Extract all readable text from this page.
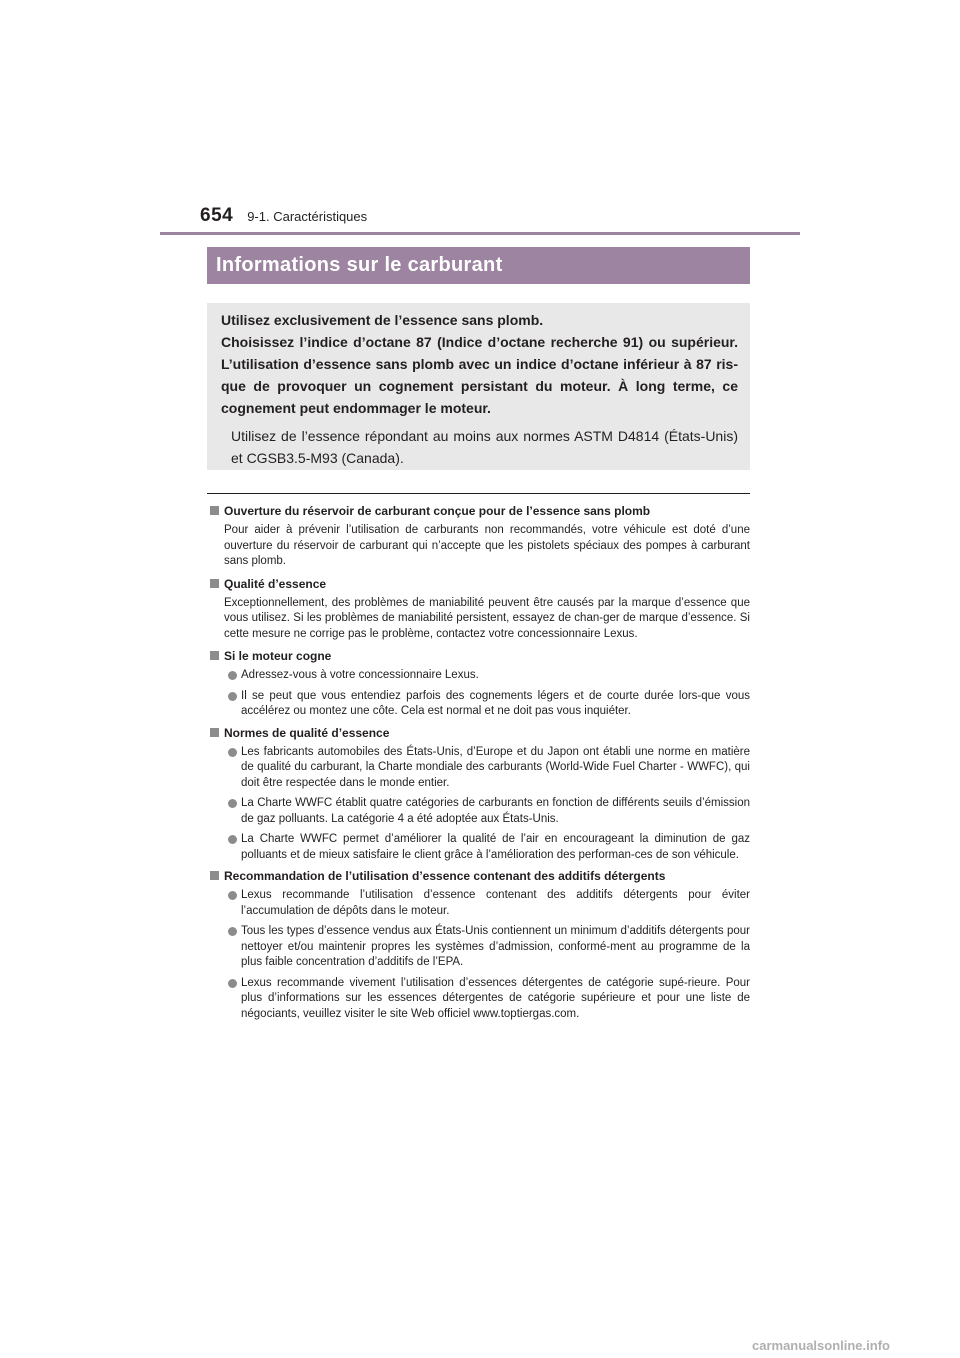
654 9-1. Caractéristiques
Informations sur le carburant

Utilisez exclusivement de l’essence sans plomb.

Choisissez l’indice d’octane 87 (Indice d’octane recherche 91) ou supérieur. L’utilisation d’essence sans plomb avec un indice d’octane inférieur à 87 ris-que de provoquer un cognement persistant du moteur. À long terme, ce cognement peut endommager le moteur.

Utilisez de l’essence répondant au moins aux normes ASTM D4814 (États-Unis) et CGSB3.5-M93 (Canada).

Ouverture du réservoir de carburant conçue pour de l’essence sans plomb

Pour aider à prévenir l’utilisation de carburants non recommandés, votre véhicule est doté d’une ouverture du réservoir de carburant qui n’accepte que les pistolets spéciaux des pompes à carburant sans plomb.

Qualité d’essence

Exceptionnellement, des problèmes de maniabilité peuvent être causés par la marque d’essence que vous utilisez. Si les problèmes de maniabilité persistent, essayez de chan-ger de marque d’essence. Si cette mesure ne corrige pas le problème, contactez votre concessionnaire Lexus.

Si le moteur cogne
Adressez-vous à votre concessionnaire Lexus.
Il se peut que vous entendiez parfois des cognements légers et de courte durée lors-que vous accélérez ou montez une côte. Cela est normal et ne doit pas vous inquiéter.
Normes de qualité d’essence
Les fabricants automobiles des États-Unis, d’Europe et du Japon ont établi une norme en matière de qualité du carburant, la Charte mondiale des carburants (World-Wide Fuel Charter - WWFC), qui doit être respectée dans le monde entier.
La Charte WWFC établit quatre catégories de carburants en fonction de différents seuils d’émission de gaz polluants. La catégorie 4 a été adoptée aux États-Unis.
La Charte WWFC permet d’améliorer la qualité de l’air en encourageant la diminution de gaz polluants et de mieux satisfaire le client grâce à l’amélioration des performan-ces de son véhicule.
Recommandation de l’utilisation d’essence contenant des additifs détergents
Lexus recommande l’utilisation d’essence contenant des additifs détergents pour éviter l’accumulation de dépôts dans le moteur.
Tous les types d’essence vendus aux États-Unis contiennent un minimum d’additifs détergents pour nettoyer et/ou maintenir propres les systèmes d’admission, conformé-ment au programme de la plus faible concentration d’additifs de l’EPA.
Lexus recommande vivement l’utilisation d’essences détergentes de catégorie supé-rieure. Pour plus d’informations sur les essences détergentes de catégorie supérieure et pour une liste de négociants, veuillez visiter le site Web officiel www.toptiergas.com.
carmanualsonline.info
